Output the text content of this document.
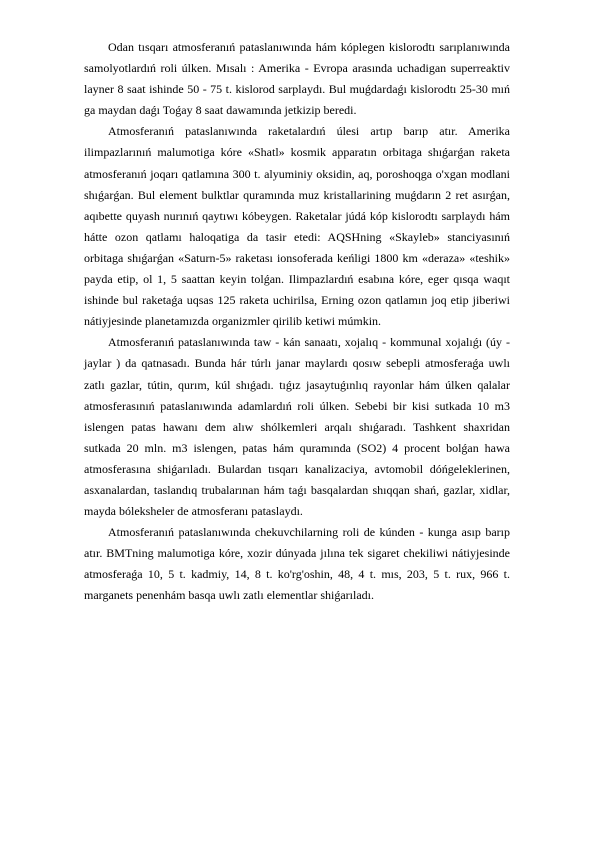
Odan tısqarı atmosferanıń pataslanıwında hám kóplegen kislorodtı sarıplanıwında samolyotlardıń roli úlken. Mısalı : Amerika - Evropa arasında uchadigan superreaktiv layner 8 saat ishinde 50 - 75 t. kislorod sarplaydı. Bul muǵdardaǵı kislorodtı 25-30 mıń ga maydan daǵı Toǵay 8 saat dawamında jetkizip beredi.

Atmosferanıń pataslanıwında raketalardıń úlesi artıp barıp atır. Amerika ilimpazlarınıń malumotiga kóre «Shatl» kosmik apparatın orbitaga shıǵarǵan raketa atmosferanıń joqarı qatlamına 300 t. alyuminiy oksidin, aq, poroshoqga o'xgan modlani shıǵarǵan. Bul element bulktlar quramında muz kristallarining muǵdarın 2 ret asırǵan, aqıbette quyash nurınıń qaytıwı kóbeygen. Raketalar júdá kóp kislorodtı sarplaydı hám hátte ozon qatlamı haloqatiga da tasir etedi: AQSHning «Skayleb» stanciyasınıń orbitaga shıǵarǵan «Saturn-5» raketası ionsoferada keńligi 1800 km «deraza» «teshik» payda etip, ol 1, 5 saattan keyin tolǵan. Ilimpazlardıń esabına kóre, eger qısqa waqıt ishinde bul raketaǵa uqsas 125 raketa uchirilsa, Erning ozon qatlamın joq etip jiberiwi nátiyjesinde planetamızda organizmler qirilib ketiwi múmkin.

Atmosferanıń pataslanıwında taw - kán sanaatı, xojalıq - kommunal xojalıǵı (úy - jaylar ) da qatnasadı. Bunda hár túrlı janar maylardı qosıw sebepli atmosferaǵa uwlı zatlı gazlar, tútin, qurım, kúl shıǵadı. tıǵız jasaytuǵınlıq rayonlar hám úlken qalalar atmosferasınıń pataslanıwında adamlardıń roli úlken. Sebebi bir kisi sutkada 10 m3 islengen patas hawanı dem alıw shólkemleri arqalı shıǵaradı. Tashkent shaxridan sutkada 20 mln. m3 islengen, patas hám quramında (SO2) 4 procent bolǵan hawa atmosferasına shiǵarıladı. Bulardan tısqarı kanalizaciya, avtomobil dóńgeleklerinen, asxanalardan, taslandıq trubalarınan hám taǵı basqalardan shıqqan shań, gazlar, xidlar, mayda bóleksheler de atmosferanı pataslaydı.

Atmosferanıń pataslanıwında chekuvchilarning roli de kúnden - kunga asıp barıp atır. BMTning malumotiga kóre, xozir dúnyada jılına tek sigaret chekiliwi nátiyjesinde atmosferaǵa 10, 5 t. kadmiy, 14, 8 t. ko'rg'oshin, 48, 4 t. mıs, 203, 5 t. rux, 966 t. marganets penenhám basqa uwlı zatlı elementlar shiǵarıladı.
